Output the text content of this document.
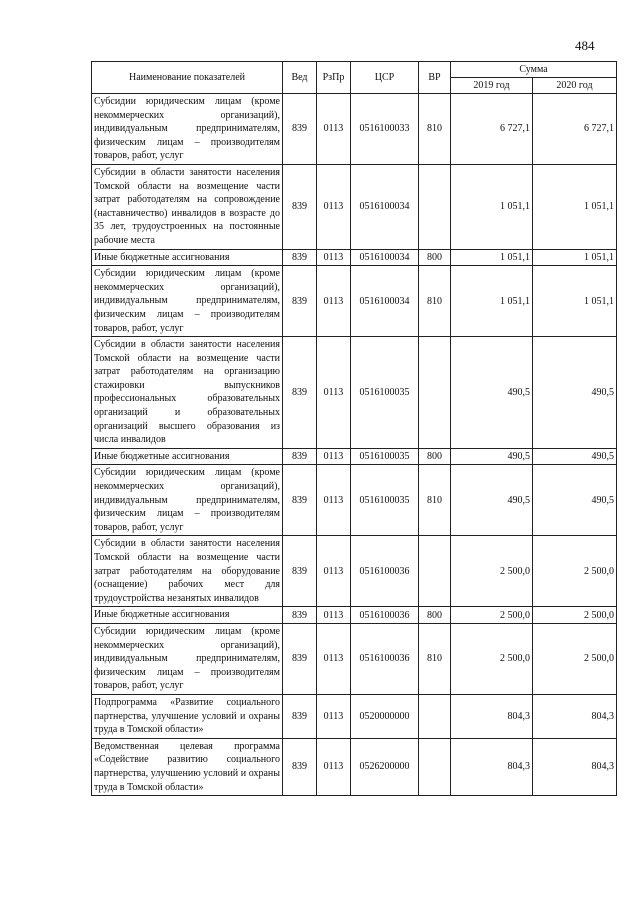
484
Наименование показателей	Вед	РзПр	ЦСР	ВР	Сумма	
					2019 год	2020 год
Субсидии юридическим лицам (кроме некоммерческих организаций), индивидуальным предпринимателям, физическим лицам – производителям товаров, работ, услуг	839	0113	0516100033	810	6 727,1	6 727,1
Субсидии в области занятости населения Томской области на возмещение части затрат работодателям на сопровождение (наставничество) инвалидов в возрасте до 35 лет, трудоустроенных на постоянные рабочие места	839	0113	0516100034		1 051,1	1 051,1
Иные бюджетные ассигнования	839	0113	0516100034	800	1 051,1	1 051,1
Субсидии юридическим лицам (кроме некоммерческих организаций), индивидуальным предпринимателям, физическим лицам – производителям товаров, работ, услуг	839	0113	0516100034	810	1 051,1	1 051,1
Субсидии в области занятости населения Томской области на возмещение части затрат работодателям на организацию стажировки выпускников профессиональных образовательных организаций и образовательных организаций высшего образования из числа инвалидов	839	0113	0516100035		490,5	490,5
Иные бюджетные ассигнования	839	0113	0516100035	800	490,5	490,5
Субсидии юридическим лицам (кроме некоммерческих организаций), индивидуальным предпринимателям, физическим лицам – производителям товаров, работ, услуг	839	0113	0516100035	810	490,5	490,5
Субсидии в области занятости населения Томской области на возмещение части затрат работодателям на оборудование (оснащение) рабочих мест для трудоустройства незанятых инвалидов	839	0113	0516100036		2 500,0	2 500,0
Иные бюджетные ассигнования	839	0113	0516100036	800	2 500,0	2 500,0
Субсидии юридическим лицам (кроме некоммерческих организаций), индивидуальным предпринимателям, физическим лицам – производителям товаров, работ, услуг	839	0113	0516100036	810	2 500,0	2 500,0
Подпрограмма «Развитие социального партнерства, улучшение условий и охраны труда в Томской области»	839	0113	0520000000		804,3	804,3
Ведомственная целевая программа «Содействие развитию социального партнерства, улучшению условий и охраны труда в Томской области»	839	0113	0526200000		804,3	804,3
